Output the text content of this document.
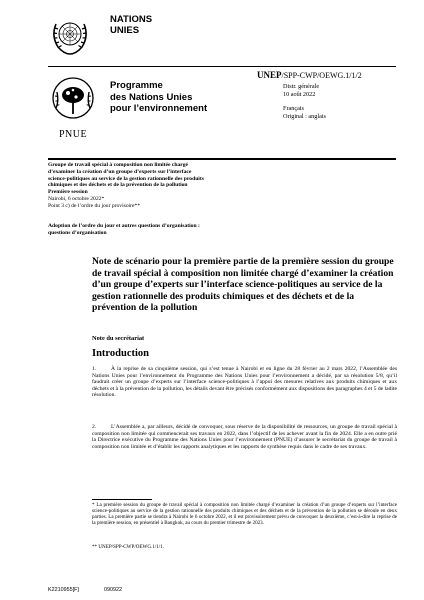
NATIONS
UNIES
UNEP/SPP-CWP/OEWG.1/1/2
PNUE
Programme
des Nations Unies
pour l’environnement
Distr. générale
10 août 2022
Français
Original : anglais
Groupe de travail spécial à composition non limitée chargé
d’examiner la création d’un groupe d’experts sur l’interface
science-politiques au service de la gestion rationnelle des produits
chimiques et des déchets et de la prévention de la pollution
Première session
Nairobi, 6 octobre 2022*
Point 3 c) de l’ordre du jour provisoire**
Adoption de l’ordre du jour et autres questions d’organisation :
questions d’organisation
Note de scénario pour la première partie de la première session du groupe de travail spécial à composition non limitée chargé d’examiner la création d’un groupe d’experts sur l’interface science-politiques au service de la gestion rationnelle des produits chimiques et des déchets et de la prévention de la pollution
Note du secrétariat
Introduction
1.	À la reprise de sa cinquième session, qui s’est tenue à Nairobi et en ligne du 28 février au 2 mars 2022, l’Assemblée des Nations Unies pour l’environnement du Programme des Nations Unies pour l’environnement a décidé, par sa résolution 5/8, qu’il faudrait créer un groupe d’experts sur l’interface science-politiques à l’appui des mesures relatives aux produits chimiques et aux déchets et à la prévention de la pollution, les détails devant être précisés conformément aux dispositions des paragraphes 4 et 5 de ladite résolution.
2.	L’Assemblée a, par ailleurs, décidé de convoquer, sous réserve de la disponibilité de ressources, un groupe de travail spécial à composition non limitée qui commencerait ses travaux en 2022, dans l’objectif de les achever avant la fin de 2024. Elle a en outre prié la Directrice exécutive du Programme des Nations Unies pour l’environnement (PNUE) d’assurer le secrétariat du groupe de travail à composition non limitée et d’établir les rapports analytiques et les rapports de synthèse requis dans le cadre de ses travaux.
* La première session du groupe de travail spécial à composition non limitée chargé d’examiner la création d’un groupe d’experts sur l’interface science-politiques au service de la gestion rationnelle des produits chimiques et des déchets et de la prévention de la pollution se déroule en deux parties. La première partie se tiendra à Nairobi le 6 octobre 2022, et il est provisoirement prévu de convoquer la deuxième, c’est-à-dire la reprise de la première session, en présentiel à Bangkok, au cours du premier trimestre de 2023.
** UNEP/SPP-CWP/OEWG.1/1/1.
K2210955[F]	090922
